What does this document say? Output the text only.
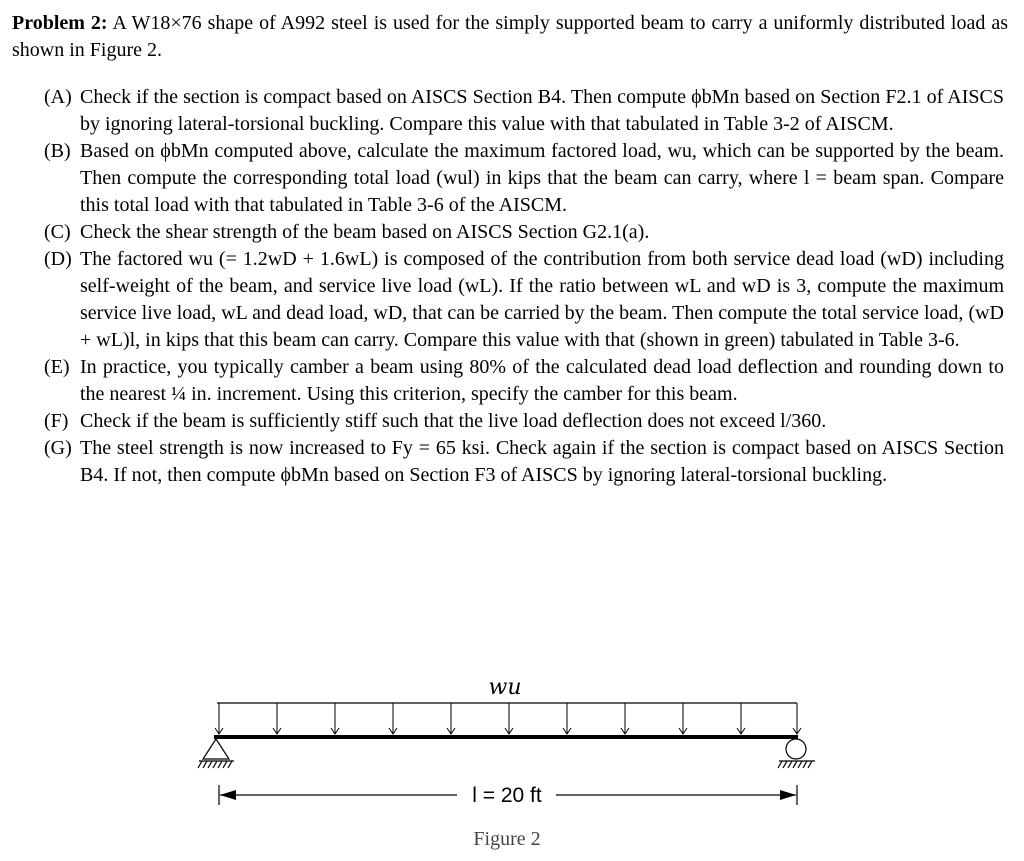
Problem 2: A W18×76 shape of A992 steel is used for the simply supported beam to carry a uniformly distributed load as shown in Figure 2.

(A) Check if the section is compact based on AISCS Section B4. Then compute ϕbMn based on Section F2.1 of AISCS by ignoring lateral-torsional buckling. Compare this value with that tabulated in Table 3-2 of AISCM.

(B) Based on ϕbMn computed above, calculate the maximum factored load, wu, which can be supported by the beam. Then compute the corresponding total load (wul) in kips that the beam can carry, where l = beam span. Compare this total load with that tabulated in Table 3-6 of the AISCM.

(C) Check the shear strength of the beam based on AISCS Section G2.1(a).

(D) The factored wu (= 1.2wD + 1.6wL) is composed of the contribution from both service dead load (wD) including self-weight of the beam, and service live load (wL). If the ratio between wL and wD is 3, compute the maximum service live load, wL and dead load, wD, that can be carried by the beam. Then compute the total service load, (wD + wL)l, in kips that this beam can carry. Compare this value with that (shown in green) tabulated in Table 3-6.

(E) In practice, you typically camber a beam using 80% of the calculated dead load deflection and rounding down to the nearest ¼ in. increment. Using this criterion, specify the camber for this beam.

(F) Check if the beam is sufficiently stiff such that the live load deflection does not exceed l/360.

(G) The steel strength is now increased to Fy = 65 ksi. Check again if the section is compact based on AISCS Section B4. If not, then compute ϕbMn based on Section F3 of AISCS by ignoring lateral-torsional buckling.

wu
l = 20 ft
Figure 2
